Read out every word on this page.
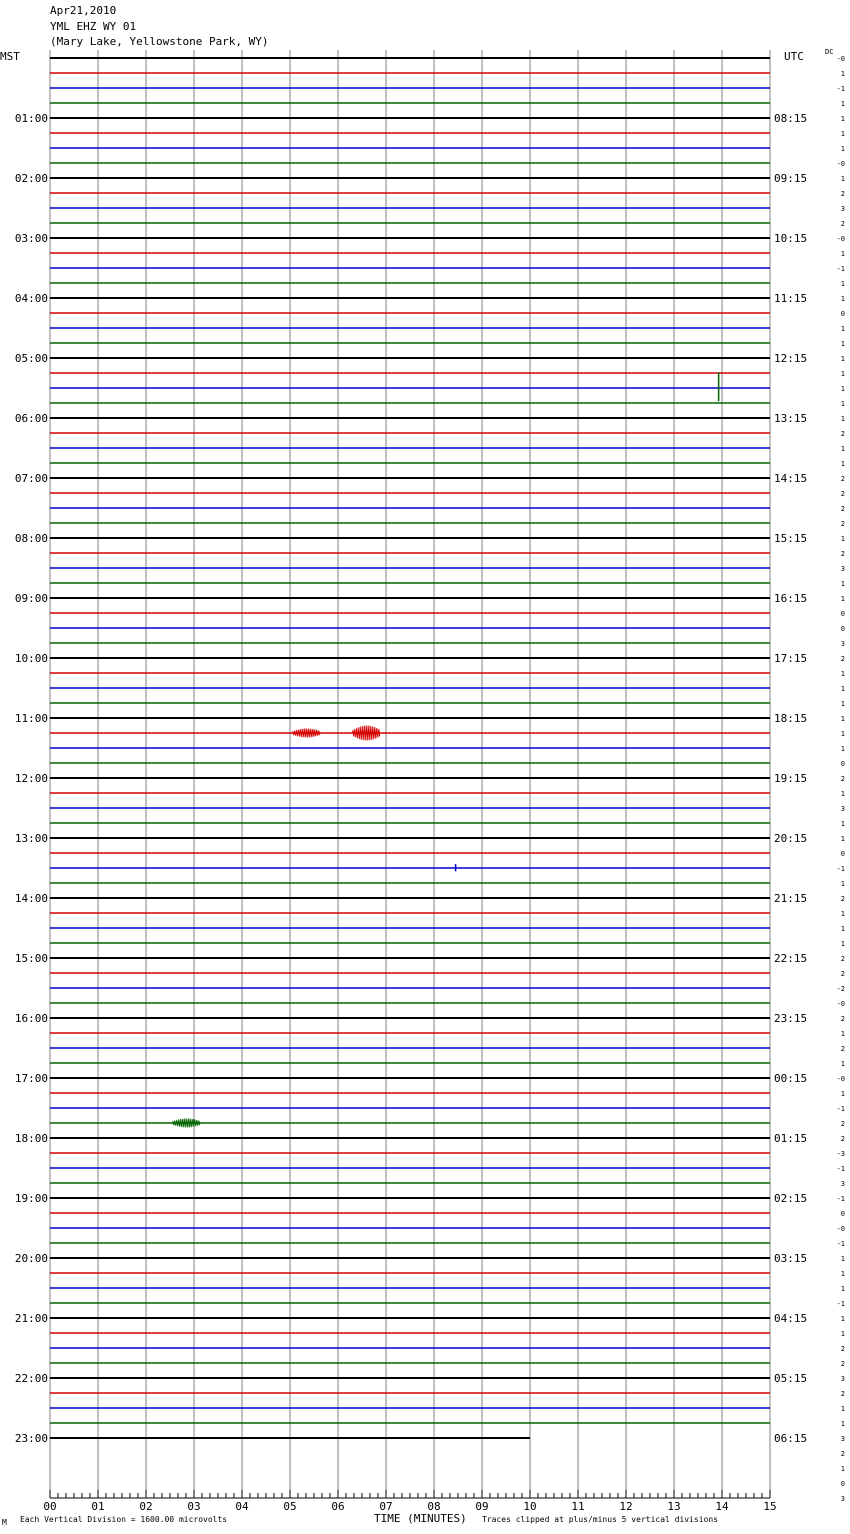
Apr21,2010
YML EHZ WY 01
(Mary Lake, Yellowstone Park, WY)
MST	UTC	DC
01:00	08:15
02:00	09:15
03:00	10:15
04:00	11:15
05:00	12:15
06:00	13:15
07:00	14:15
08:00	15:15
09:00	16:15
10:00	17:15
11:00	18:15
12:00	19:15
13:00	20:15
14:00	21:15
15:00	22:15
16:00	23:15
17:00	00:15
18:00	01:15
19:00	02:15
20:00	03:15
21:00	04:15
22:00	05:15
23:00	06:15
-0
1
-1
1
1
1
1
-0
1
2
3
2
-0
1
-1
1
1
0
1
1
1
1
1
1
1
2
1
1
2
2
2
2
1
2
3
1
1
0
0
3
2
1
1
1
1
1
1
0
2
1
3
1
1
0
-1
1
2
1
1
1
2
2
-2
-0
2
1
2
1
-0
1
-1
2
2
-3
-1
3
-1
0
-0
-1
1
1
1
-1
1
1
2
2
3
2
1
1
3
2
1
0
3
00	01	02	03	04	05	06	07	08	09	10	11	12	13	14	15
M Each Vertical Division = 1600.00 microvolts	TIME (MINUTES) Traces clipped at plus/minus 5 vertical divisions
